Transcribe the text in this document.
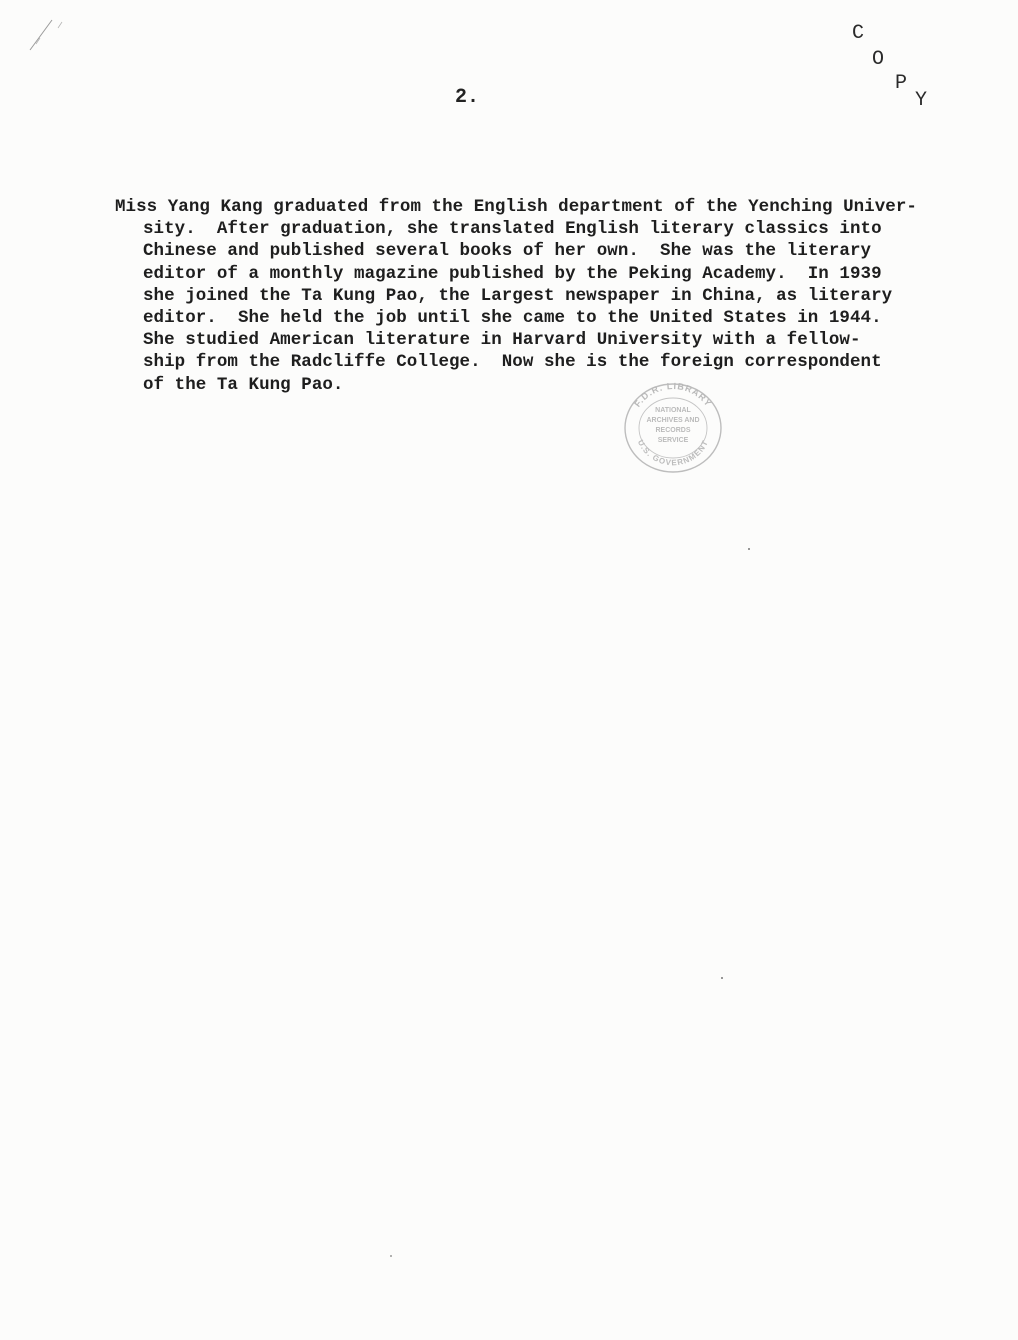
C
O
P
Y
2.
Miss Yang Kang graduated from the English department of the Yenching Univer-
sity.  After graduation, she translated English literary classics into
Chinese and published several books of her own.  She was the literary
editor of a monthly magazine published by the Peking Academy.  In 1939
she joined the Ta Kung Pao, the Largest newspaper in China, as literary
editor.  She held the job until she came to the United States in 1944.
She studied American literature in Harvard University with a fellow-
ship from the Radcliffe College.  Now she is the foreign correspondent
of the Ta Kung Pao.
F.D.R. LIBRARY
U.S. GOVERNMENT
NATIONAL
ARCHIVES AND
RECORDS
SERVICE
